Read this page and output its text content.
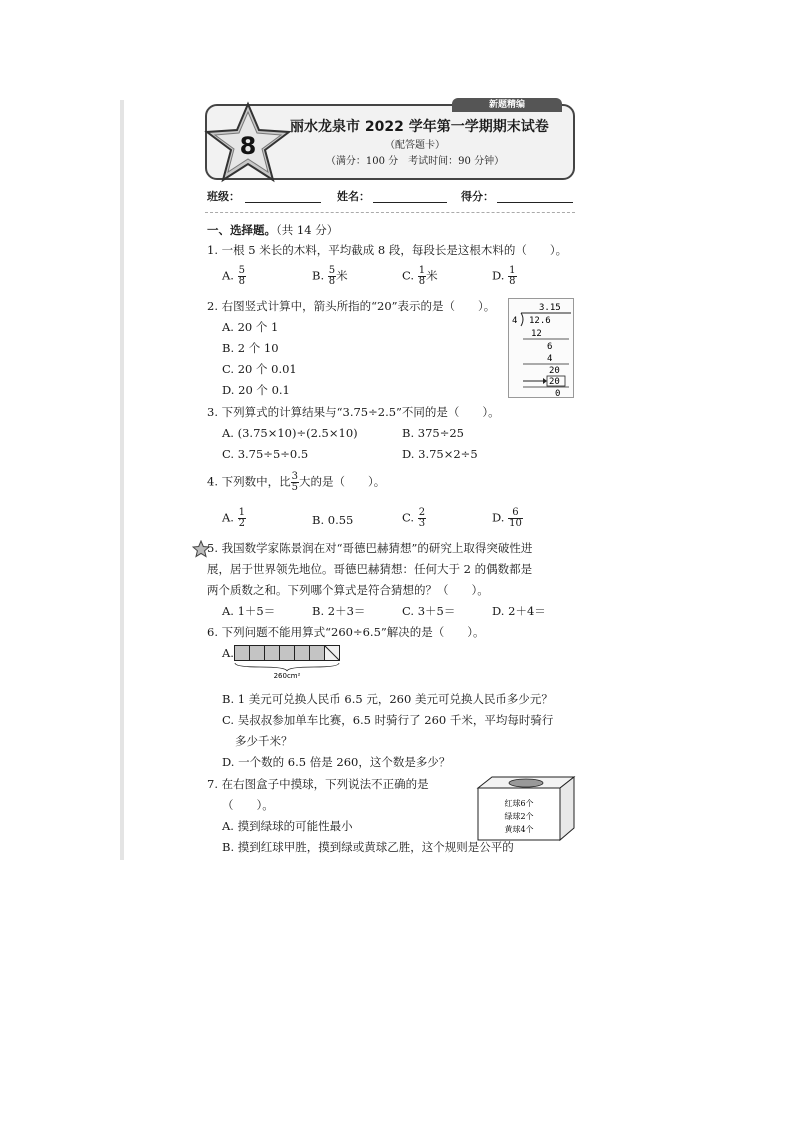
新题精编
8
丽水龙泉市 2022 学年第一学期期末试卷
（配答题卡）
（满分：100 分　考试时间：90 分钟）
班级：	姓名：	得分：
一、选择题。（共 14 分）
1. 一根 5 米长的木料，平均截成 8 段，每段长是这根木料的（　　）。
A. $\frac{5}{8}$	B. $\frac{5}{8}$ 米	C. $\frac{1}{8}$ 米	D. $\frac{1}{8}$
2. 右图竖式计算中，箭头所指的“20”表示的是（　　）。
A. 20 个 1
B. 2 个 10
C. 20 个 0.01
D. 20 个 0.1
3.15
4 12.6
12
6
4
20
20
0
3. 下列算式的计算结果与“3.75÷2.5”不同的是（　　）。
A. (3.75×10)÷(2.5×10)	B. 375÷25
C. 3.75÷5÷0.5	D. 3.75×2÷5
4. 下列数中，比 $\frac{3}{5}$ 大的是（　　）。
A. $\frac{1}{2}$	B. 0.55	C. $\frac{2}{3}$	D. $\frac{6}{10}$
5. 我国数学家陈景润在对“哥德巴赫猜想”的研究上取得突破性进
展，居于世界领先地位。哥德巴赫猜想：任何大于 2 的偶数都是
两个质数之和。下列哪个算式是符合猜想的？（　　）。
A. 1＋5＝	B. 2＋3＝	C. 3＋5＝	D. 2＋4＝
6. 下列问题不能用算式“260÷6.5”解决的是（　　）。
A.
260cm²
B. 1 美元可兑换人民币 6.5 元，260 美元可兑换人民币多少元？
C. 吴叔叔参加单车比赛，6.5 时骑行了 260 千米，平均每时骑行
多少千米？
D. 一个数的 6.5 倍是 260，这个数是多少？
7. 在右图盒子中摸球，下列说法不正确的是
（　　）。
A. 摸到绿球的可能性最小
B. 摸到红球甲胜，摸到绿或黄球乙胜，这个规则是公平的
红球6个
绿球2个
黄球4个
